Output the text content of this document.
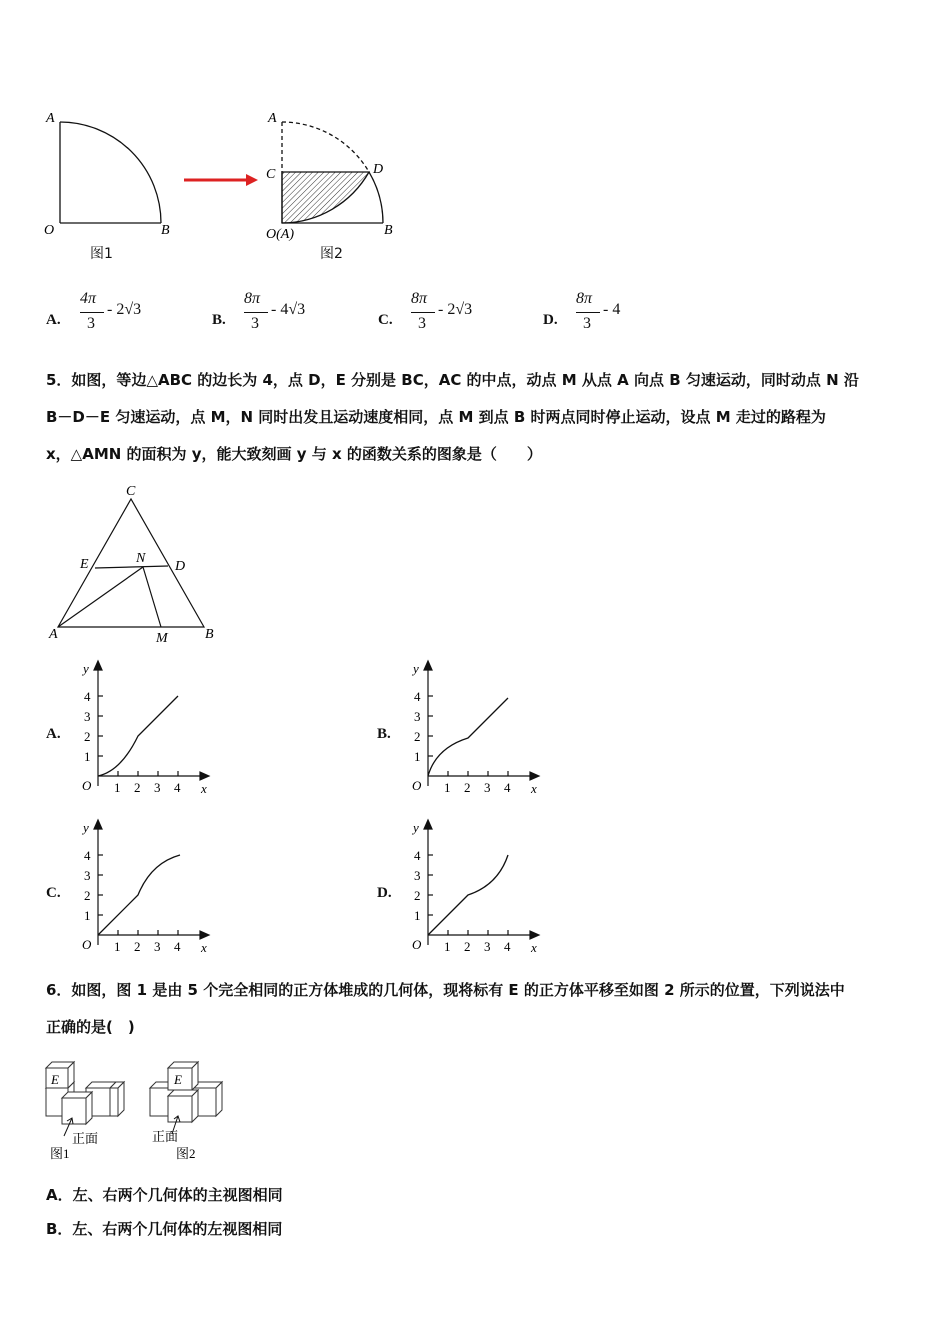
A
O	B
A
C	D
O(A)	B
图1	图2
A.
4π
3
- 2√3
B.
8π
3
- 4√3
C.
8π
3
- 2√3
D.
8π
3
- 4
5．如图，等边△ABC 的边长为 4，点 D，E 分别是 BC，AC 的中点，动点 M 从点 A 向点 B 匀速运动，同时动点 N 沿
B－D－E 匀速运动，点 M，N 同时出发且运动速度相同，点 M 到点 B 时两点同时停止运动，设点 M 走过的路程为
x，△AMN 的面积为 y，能大致刻画 y 与 x 的函数关系的图象是（　　）
C
E	N
D
A	M	B
A.	B.
C.	D.
y
x
O
4
3
2
1
1 2 3 4
y
x
O
4
3
2
1
1 2 3 4
y
x
O
4
3
2
1
1 2 3 4
y
x
O
4
3
2
1
1 2 3 4
6．如图，图 1 是由 5 个完全相同的正方体堆成的几何体，现将标有 E 的正方体平移至如图 2 所示的位置，下列说法中
正确的是(　)
E	E
正面	正面
图1	图2
A．左、右两个几何体的主视图相同
B．左、右两个几何体的左视图相同
